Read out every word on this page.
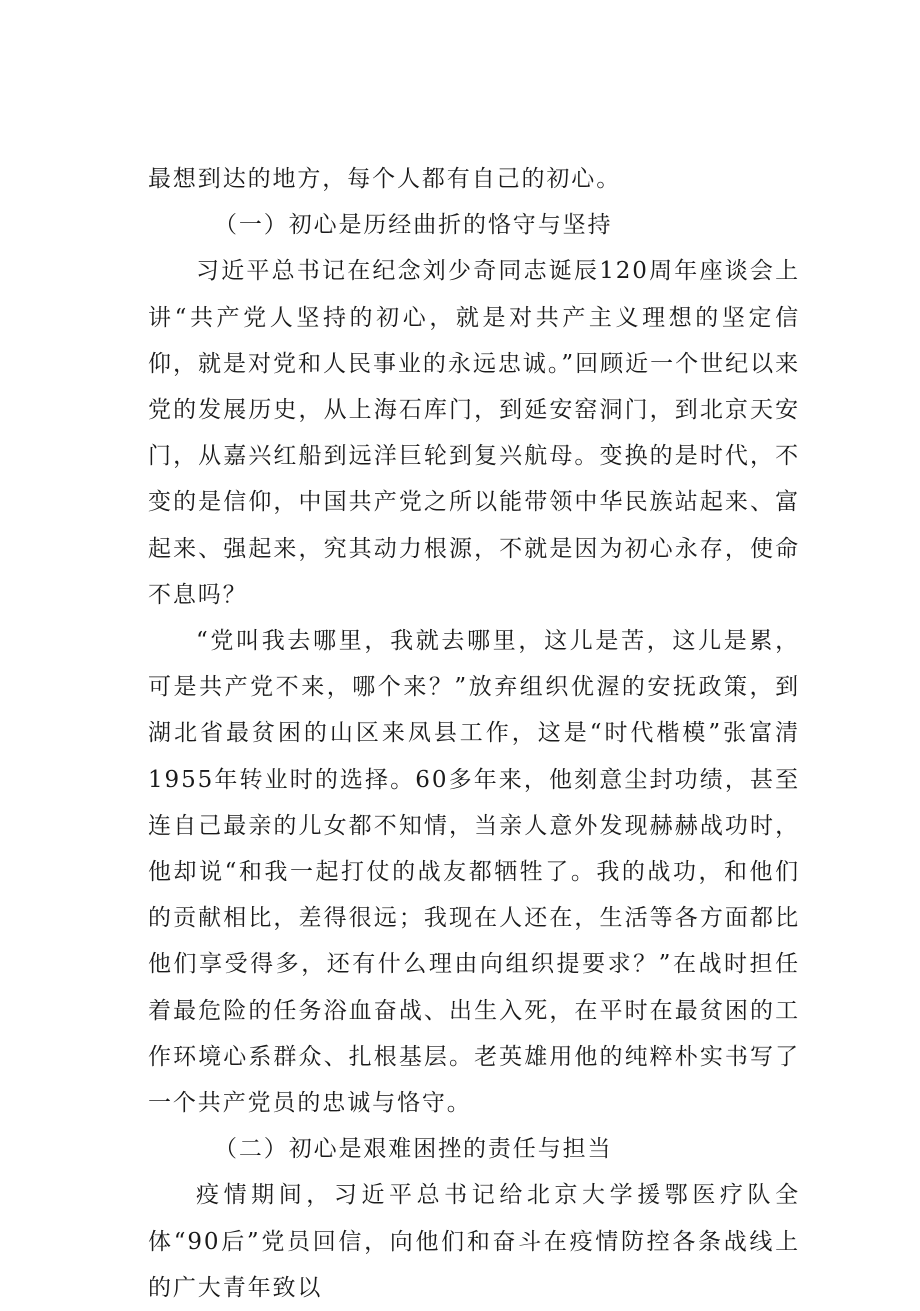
最想到达的地方，每个人都有自己的初心。

（一）初心是历经曲折的恪守与坚持

习近平总书记在纪念刘少奇同志诞辰120周年座谈会上讲“共产党人坚持的初心，就是对共产主义理想的坚定信仰，就是对党和人民事业的永远忠诚。”回顾近一个世纪以来党的发展历史，从上海石库门，到延安窑洞门，到北京天安门，从嘉兴红船到远洋巨轮到复兴航母。变换的是时代，不变的是信仰，中国共产党之所以能带领中华民族站起来、富起来、强起来，究其动力根源，不就是因为初心永存，使命不息吗？

“党叫我去哪里，我就去哪里，这儿是苦，这儿是累，可是共产党不来，哪个来？”放弃组织优渥的安抚政策，到湖北省最贫困的山区来凤县工作，这是“时代楷模”张富清1955年转业时的选择。60多年来，他刻意尘封功绩，甚至连自己最亲的儿女都不知情，当亲人意外发现赫赫战功时，他却说“和我一起打仗的战友都牺牲了。我的战功，和他们的贡献相比，差得很远；我现在人还在，生活等各方面都比他们享受得多，还有什么理由向组织提要求？”在战时担任着最危险的任务浴血奋战、出生入死，在平时在最贫困的工作环境心系群众、扎根基层。老英雄用他的纯粹朴实书写了一个共产党员的忠诚与恪守。

（二）初心是艰难困挫的责任与担当

疫情期间，习近平总书记给北京大学援鄂医疗队全体“90后”党员回信，向他们和奋斗在疫情防控各条战线上的广大青年致以
